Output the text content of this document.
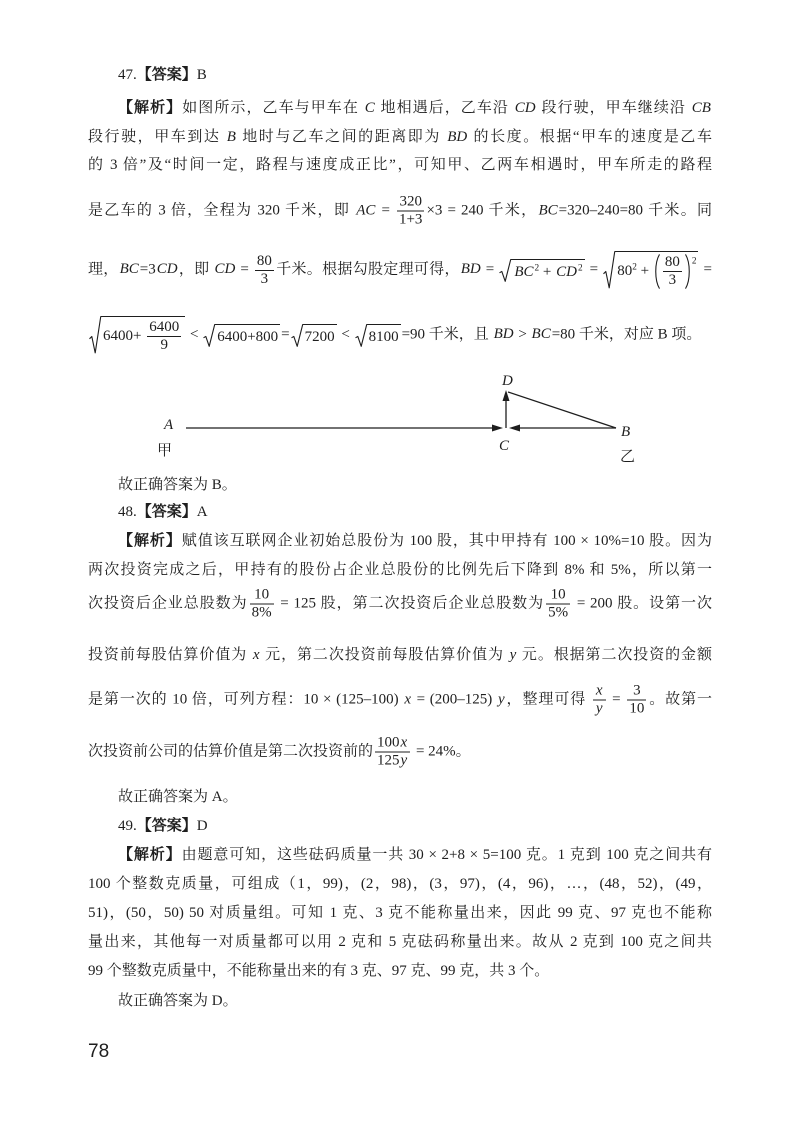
47.【答案】B
【解析】如图所示，乙车与甲车在 C 地相遇后，乙车沿 CD 段行驶，甲车继续沿 CB
段行驶，甲车到达 B 地时与乙车之间的距离即为 BD 的长度。根据“甲车的速度是乙车
的 3 倍”及“时间一定，路程与速度成正比”，可知甲、乙两车相遇时，甲车所走的路程
是乙车的 3 倍，全程为 320 千米，即 AC = $\frac{320}{1+3} \times 3 = 240$ 千米，BC=320–240=80 千米。同
理，BC=3CD，即 CD = $\frac{80}{3}$ 千米。根据勾股定理可得，BD = $BC^2 + CD^2 = 80^2 + \frac{80}{3} ^2$
=
$6400+ \frac{6400}{9} < 6400+800 = 7200 < 8100 =90$ 千米，且 BD > BC=80 千米，对应 B 项。
A
甲
D
C
B
乙
故正确答案为 B。
48.【答案】A
【解析】赋值该互联网企业初始总股份为 100 股，其中甲持有 100 × 10%=10 股。因为
两次投资完成之后，甲持有的股份占企业总股份的比例先后下降到 8% 和 5%，所以第一
次投资后企业总股数为 $\frac{10}{8\%} = 125$ 股，第二次投资后企业总股数为 $\frac{10}{5\%} = 200$ 股。设第一次
投资前每股估算价值为 x 元，第二次投资前每股估算价值为 y 元。根据第二次投资的金额
是第一次的 10 倍，可列方程：10 × (125–100) x = (200–125) y，整理可得 $\frac{x}{y} = \frac{3}{10}$ 。故第一
次投资前公司的估算价值是第二次投资前的 $\frac{100x}{125y} = 24\%$。
故正确答案为 A。
49.【答案】D
【解析】由题意可知，这些砝码质量一共 30 × 2+8 × 5=100 克。1 克到 100 克之间共有
100 个整数克质量，可组成（1，99)，(2，98)，(3，97)，(4，96)，…，(48，52)，(49，
51)，(50，50) 50 对质量组。可知 1 克、3 克不能称量出来，因此 99 克、97 克也不能称
量出来，其他每一对质量都可以用 2 克和 5 克砝码称量出来。故从 2 克到 100 克之间共
99 个整数克质量中，不能称量出来的有 3 克、97 克、99 克，共 3 个。
故正确答案为 D。
78
